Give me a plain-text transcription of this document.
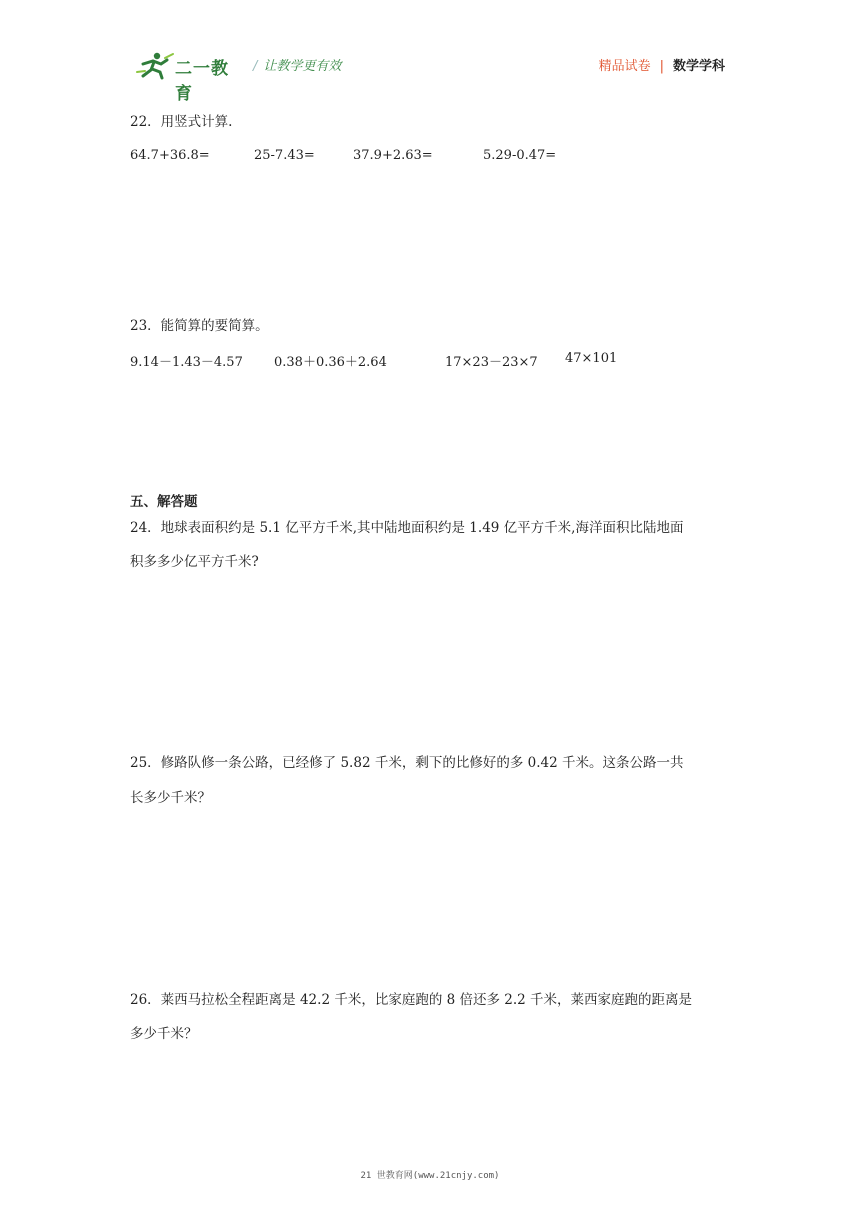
二一教育
/ 让教学更有效	精品试卷 | 数学学科
22．用竖式计算.
64.7+36.8=	25-7.43=	37.9+2.63=	5.29-0.47=
23．能简算的要简算。
9.14－1.43－4.57 0.38＋0.36＋2.64	17×23－23×7 47×101
五、解答题
24．地球表面积约是 5.1 亿平方千米,其中陆地面积约是 1.49 亿平方千米,海洋面积比陆地面
积多多少亿平方千米?
25．修路队修一条公路，已经修了 5.82 千米，剩下的比修好的多 0.42 千米。这条公路一共
长多少千米？
26．莱西马拉松全程距离是 42.2 千米，比家庭跑的 8 倍还多 2.2 千米，莱西家庭跑的距离是
多少千米？
21 世教育网(www.21cnjy.com)
